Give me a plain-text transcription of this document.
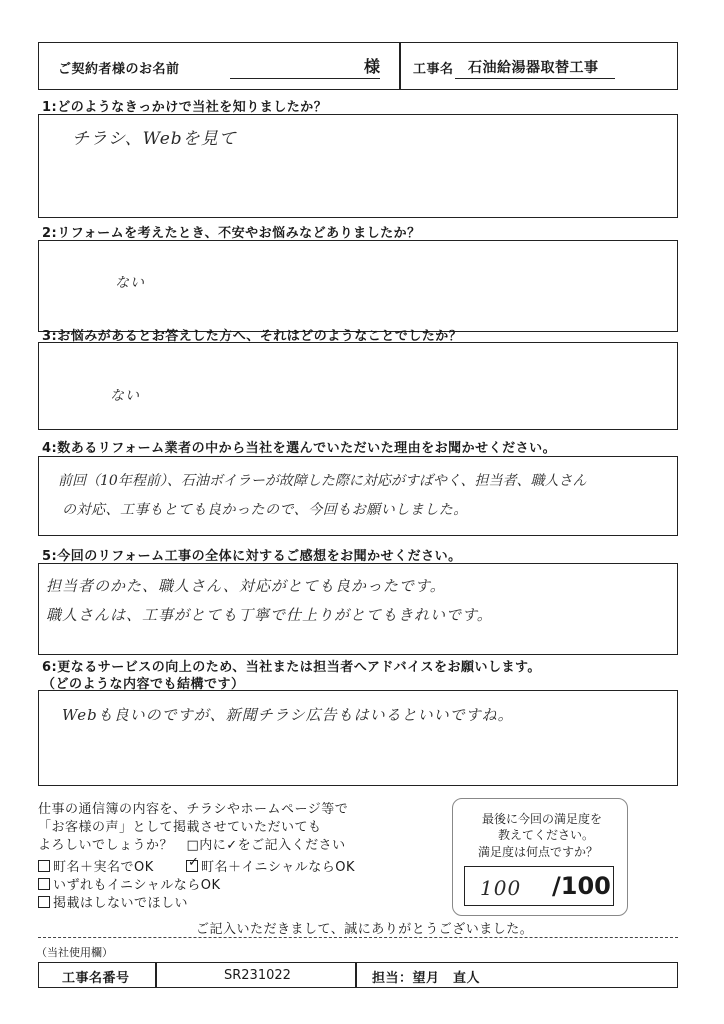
ご契約者様のお名前	様	工事名 石油給湯器取替工事
1:どのようなきっかけで当社を知りましたか？
チラシ、Webを見て
2:リフォームを考えたとき、不安やお悩みなどありましたか？
ない
3:お悩みがあるとお答えした方へ、それはどのようなことでしたか？
ない
4:数あるリフォーム業者の中から当社を選んでいただいた理由をお聞かせください。
前回（10年程前）、石油ボイラーが故障した際に対応がすばやく、担当者、職人さん
の対応、工事もとても良かったので、今回もお願いしました。
5:今回のリフォーム工事の全体に対するご感想をお聞かせください。
担当者のかた、職人さん、対応がとても良かったです。
職人さんは、工事がとても丁寧で仕上りがとてもきれいです。
6:更なるサービスの向上のため、当社または担当者へアドバイスをお願いします。
（どのような内容でも結構です）
Webも良いのですが、新聞チラシ広告もはいるといいですね。
仕事の通信簿の内容を、チラシやホームページ等で
「お客様の声」として掲載させていただいても
よろしいでしょうか？　□内に✓をご記入ください
町名＋実名でOK
✓	町名＋イニシャルならOK
いずれもイニシャルならOK
掲載はしないでほしい
最後に今回の満足度を
教えてください。
満足度は何点ですか？
100 /100
ご記入いただきまして、誠にありがとうございました。
（当社使用欄）
工事名番号	SR231022	担当：望月　直人
